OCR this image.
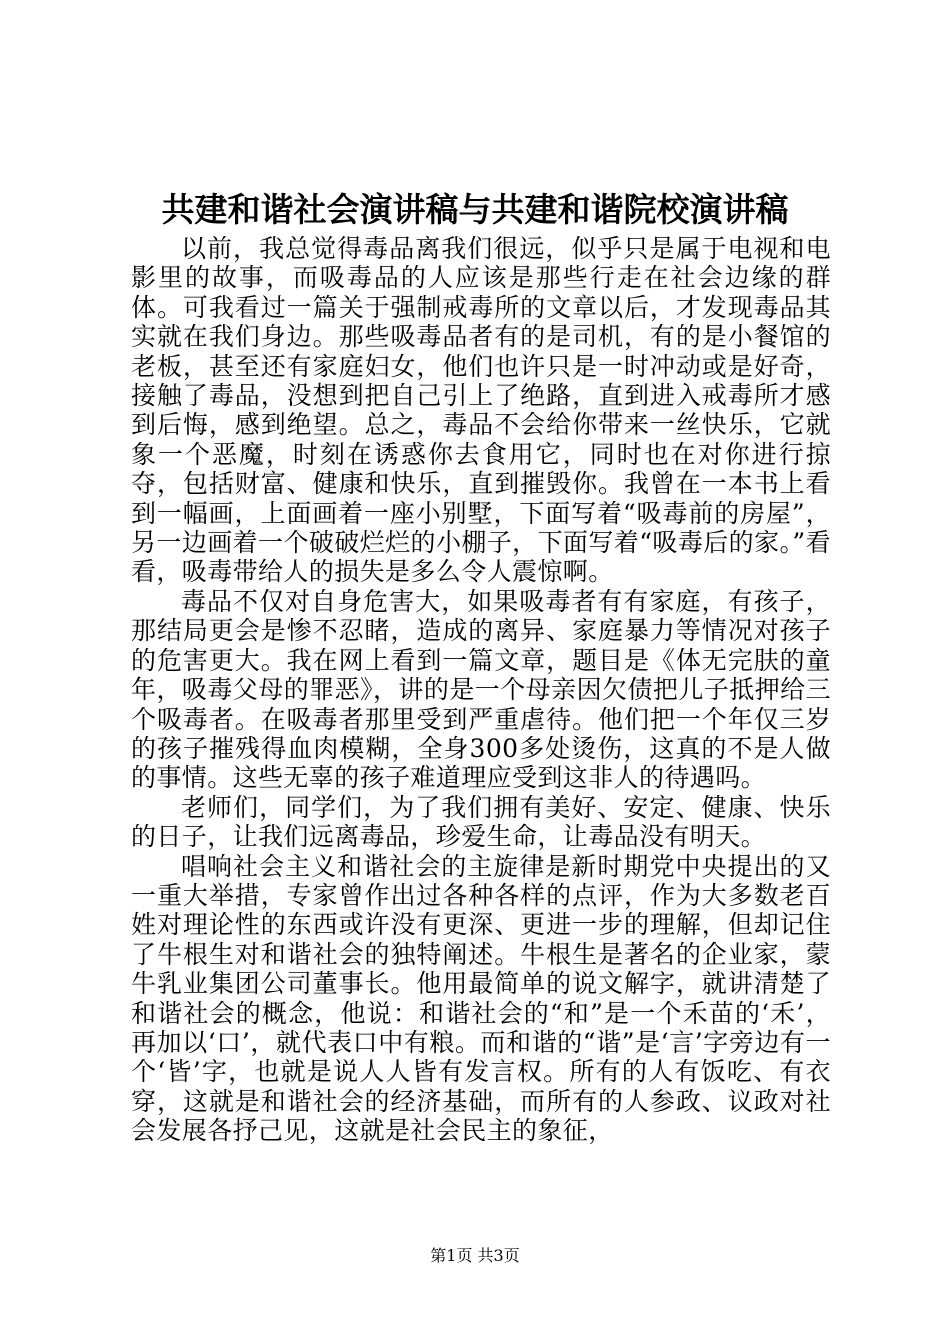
共建和谐社会演讲稿与共建和谐院校演讲稿

以前，我总觉得毒品离我们很远，似乎只是属于电视和电影里的故事，而吸毒品的人应该是那些行走在社会边缘的群体。可我看过一篇关于强制戒毒所的文章以后，才发现毒品其实就在我们身边。那些吸毒品者有的是司机，有的是小餐馆的老板，甚至还有家庭妇女，他们也许只是一时冲动或是好奇，接触了毒品，没想到把自己引上了绝路，直到进入戒毒所才感到后悔，感到绝望。总之，毒品不会给你带来一丝快乐，它就象一个恶魔，时刻在诱惑你去食用它，同时也在对你进行掠夺，包括财富、健康和快乐，直到摧毁你。我曾在一本书上看到一幅画，上面画着一座小别墅，下面写着“吸毒前的房屋”，另一边画着一个破破烂烂的小棚子，下面写着“吸毒后的家。”看看，吸毒带给人的损失是多么令人震惊啊。

毒品不仅对自身危害大，如果吸毒者有有家庭，有孩子，那结局更会是惨不忍睹，造成的离异、家庭暴力等情况对孩子的危害更大。我在网上看到一篇文章，题目是《体无完肤的童年，吸毒父母的罪恶》，讲的是一个母亲因欠债把儿子抵押给三个吸毒者。在吸毒者那里受到严重虐待。他们把一个年仅三岁的孩子摧残得血肉模糊，全身300多处烫伤，这真的不是人做的事情。这些无辜的孩子难道理应受到这非人的待遇吗。

老师们，同学们，为了我们拥有美好、安定、健康、快乐的日子，让我们远离毒品，珍爱生命，让毒品没有明天。

唱响社会主义和谐社会的主旋律是新时期党中央提出的又一重大举措，专家曾作出过各种各样的点评，作为大多数老百姓对理论性的东西或许没有更深、更进一步的理解，但却记住了牛根生对和谐社会的独特阐述。牛根生是著名的企业家，蒙牛乳业集团公司董事长。他用最简单的说文解字，就讲清楚了和谐社会的概念，他说：和谐社会的“和”是一个禾苗的‘禾’，再加以‘口’，就代表口中有粮。而和谐的“谐”是‘言’字旁边有一个‘皆’字，也就是说人人皆有发言权。所有的人有饭吃、有衣穿，这就是和谐社会的经济基础，而所有的人参政、议政对社会发展各抒己见，这就是社会民主的象征，

第1页 共3页
